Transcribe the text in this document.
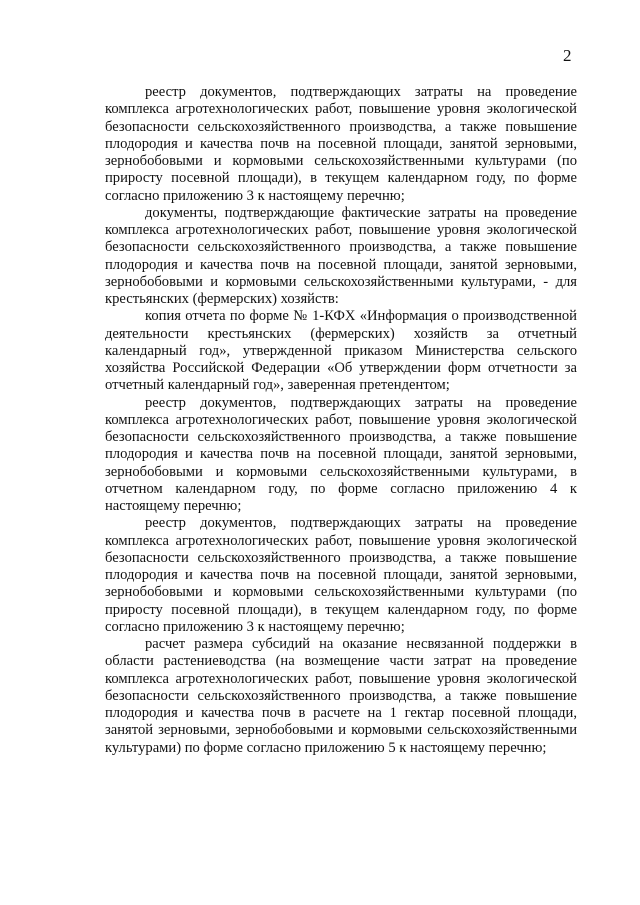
2

реестр документов, подтверждающих затраты на проведение комплекса агротехнологических работ, повышение уровня экологической безопасности сельскохозяйственного производства, а также повышение плодородия и качества почв на посевной площади, занятой зерновыми, зернобобовыми и кормовыми сельскохозяйственными культурами (по приросту посевной площади), в текущем календарном году, по форме согласно приложению 3 к настоящему перечню;

документы, подтверждающие фактические затраты на проведение комплекса агротехнологических работ, повышение уровня экологической безопасности сельскохозяйственного производства, а также повышение плодородия и качества почв на посевной площади, занятой зерновыми, зернобобовыми и кормовыми сельскохозяйственными культурами, - для крестьянских (фермерских) хозяйств:

копия отчета по форме № 1-КФХ «Информация о производственной деятельности крестьянских (фермерских) хозяйств за отчетный календарный год», утвержденной приказом Министерства сельского хозяйства Российской Федерации «Об утверждении форм отчетности за отчетный календарный год», заверенная претендентом;

реестр документов, подтверждающих затраты на проведение комплекса агротехнологических работ, повышение уровня экологической безопасности сельскохозяйственного производства, а также повышение плодородия и качества почв на посевной площади, занятой зерновыми, зернобобовыми и кормовыми сельскохозяйственными культурами, в отчетном календарном году, по форме согласно приложению 4 к настоящему перечню;

реестр документов, подтверждающих затраты на проведение комплекса агротехнологических работ, повышение уровня экологической безопасности сельскохозяйственного производства, а также повышение плодородия и качества почв на посевной площади, занятой зерновыми, зернобобовыми и кормовыми сельскохозяйственными культурами (по приросту посевной площади), в текущем календарном году, по форме согласно приложению 3 к настоящему перечню;

расчет размера субсидий на оказание несвязанной поддержки в области растениеводства (на возмещение части затрат на проведение комплекса агротехнологических работ, повышение уровня экологической безопасности сельскохозяйственного производства, а также повышение плодородия и качества почв в расчете на 1 гектар посевной площади, занятой зерновыми, зернобобовыми и кормовыми сельскохозяйственными культурами) по форме согласно приложению 5 к настоящему перечню;
